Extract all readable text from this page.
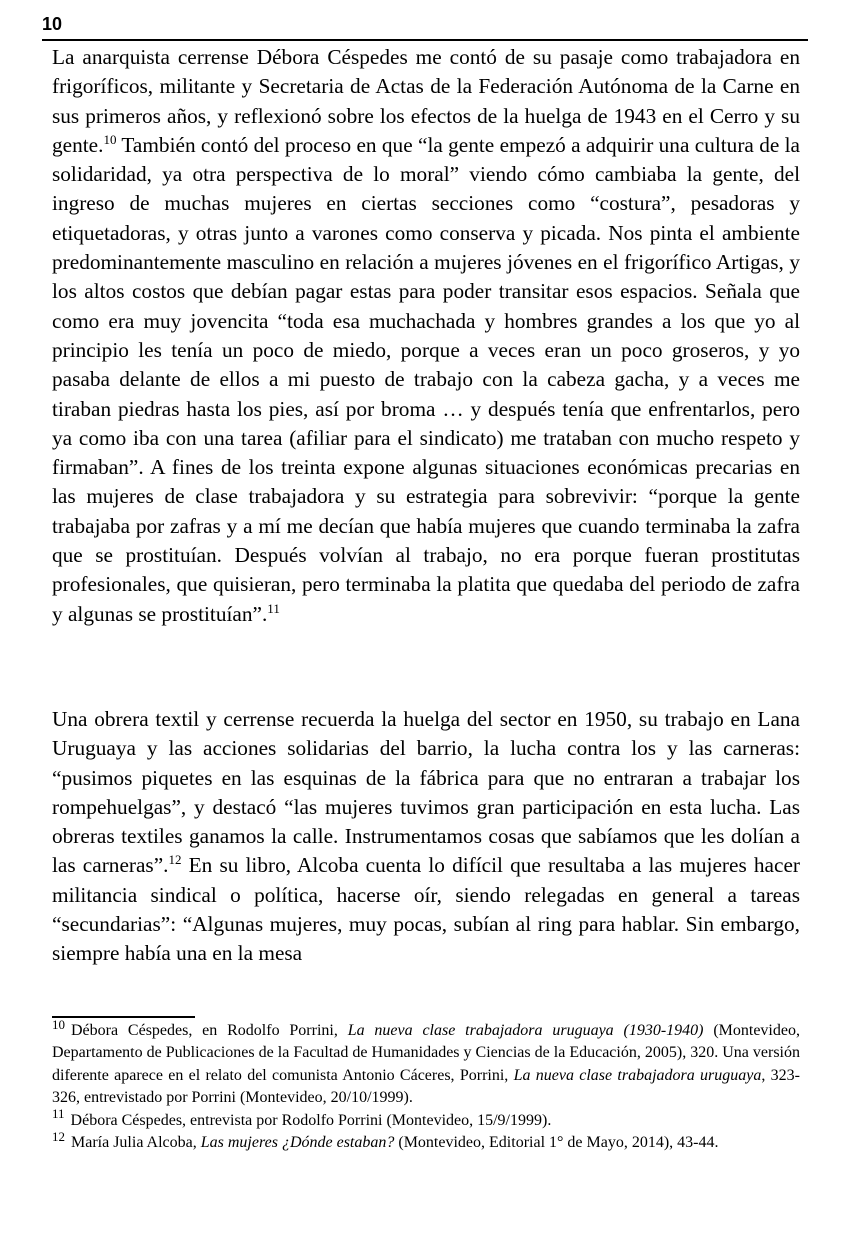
10

La anarquista cerrense Débora Céspedes me contó de su pasaje como trabajadora en frigoríficos, militante y Secretaria de Actas de la Federación Autónoma de la Carne en sus primeros años, y reflexionó sobre los efectos de la huelga de 1943 en el Cerro y su gente.$^{10}$ También contó del proceso en que “la gente empezó a adquirir una cultura de la solidaridad, ya otra perspectiva de lo moral” viendo cómo cambiaba la gente, del ingreso de muchas mujeres en ciertas secciones como “costura”, pesadoras y etiquetadoras, y otras junto a varones como conserva y picada. Nos pinta el ambiente predominantemente masculino en relación a mujeres jóvenes en el frigorífico Artigas, y los altos costos que debían pagar estas para poder transitar esos espacios. Señala que como era muy jovencita “toda esa muchachada y hombres grandes a los que yo al principio les tenía un poco de miedo, porque a veces eran un poco groseros, y yo pasaba delante de ellos a mi puesto de trabajo con la cabeza gacha, y a veces me tiraban piedras hasta los pies, así por broma … y después tenía que enfrentarlos, pero ya como iba con una tarea (afiliar para el sindicato) me trataban con mucho respeto y firmaban”. A fines de los treinta expone algunas situaciones económicas precarias en las mujeres de clase trabajadora y su estrategia para sobrevivir: “porque la gente trabajaba por zafras y a mí me decían que había mujeres que cuando terminaba la zafra que se prostituían. Después volvían al trabajo, no era porque fueran prostitutas profesionales, que quisieran, pero terminaba la platita que quedaba del periodo de zafra y algunas se prostituían”.$^{11}$

Una obrera textil y cerrense recuerda la huelga del sector en 1950, su trabajo en Lana Uruguaya y las acciones solidarias del barrio, la lucha contra los y las carneras: “pusimos piquetes en las esquinas de la fábrica para que no entraran a trabajar los rompehuelgas”, y destacó “las mujeres tuvimos gran participación en esta lucha. Las obreras textiles ganamos la calle. Instrumentamos cosas que sabíamos que les dolían a las carneras”.$^{12}$ En su libro, Alcoba cuenta lo difícil que resultaba a las mujeres hacer militancia sindical o política, hacerse oír, siendo relegadas en general a tareas “secundarias”: “Algunas mujeres, muy pocas, subían al ring para hablar. Sin embargo, siempre había una en la mesa

$^{10}$ Débora Céspedes, en Rodolfo Porrini, La nueva clase trabajadora uruguaya (1930-1940) (Montevideo, Departamento de Publicaciones de la Facultad de Humanidades y Ciencias de la Educación, 2005), 320. Una versión diferente aparece en el relato del comunista Antonio Cáceres, Porrini, La nueva clase trabajadora uruguaya, 323-326, entrevistado por Porrini (Montevideo, 20/10/1999).

$^{11}$ Débora Céspedes, entrevista por Rodolfo Porrini (Montevideo, 15/9/1999).

$^{12}$ María Julia Alcoba, Las mujeres ¿Dónde estaban? (Montevideo, Editorial 1° de Mayo, 2014), 43-44.
